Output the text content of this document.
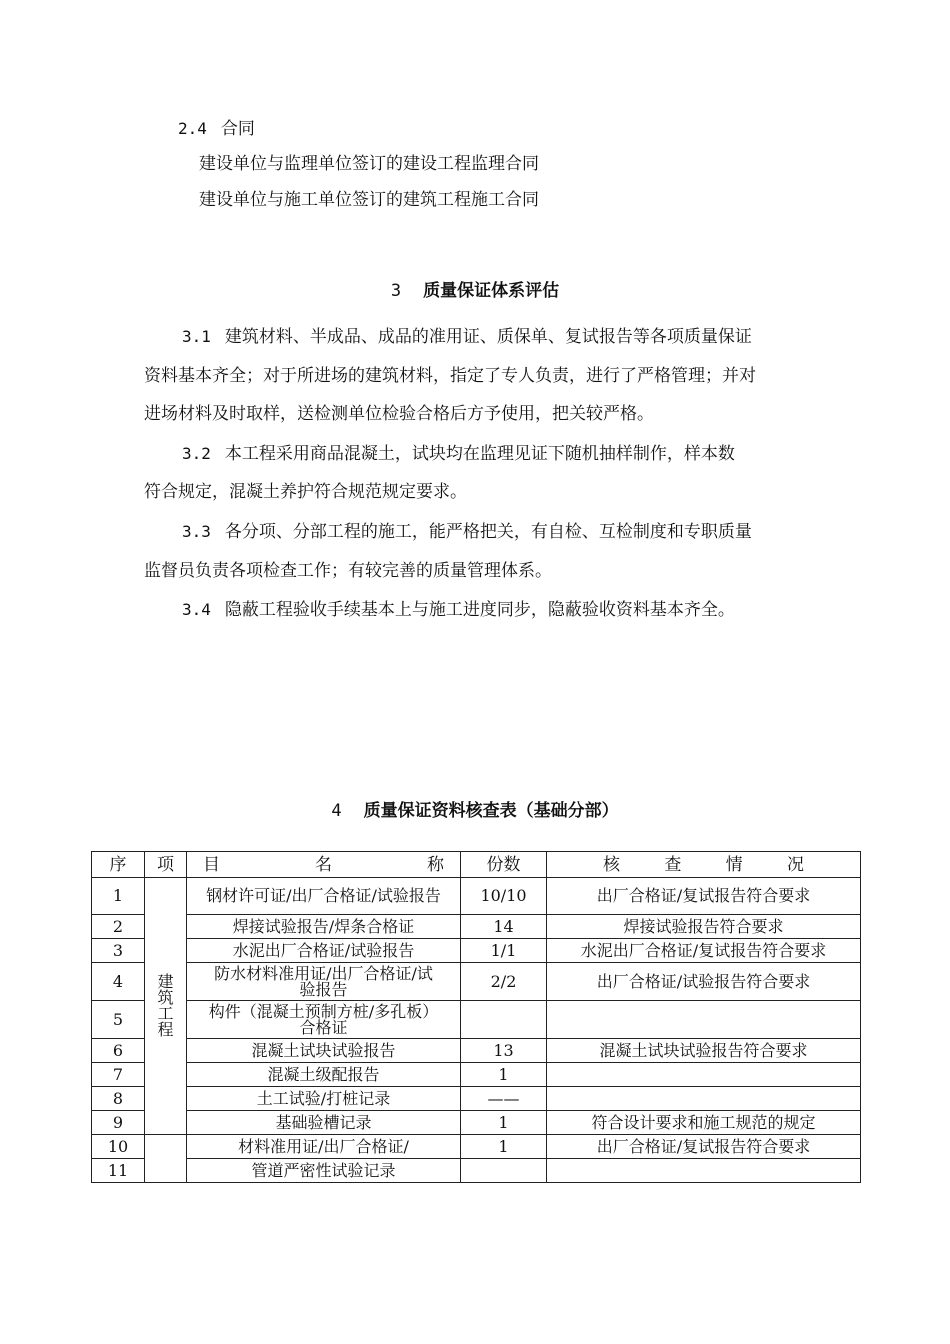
2.4 合同
建设单位与监理单位签订的建设工程监理合同
建设单位与施工单位签订的建筑工程施工合同
3 质量保证体系评估
3.1 建筑材料、半成品、成品的准用证、质保单、复试报告等各项质量保证
资料基本齐全；对于所进场的建筑材料，指定了专人负责，进行了严格管理；并对
进场材料及时取样，送检测单位检验合格后方予使用，把关较严格。
3.2 本工程采用商品混凝土，试块均在监理见证下随机抽样制作，样本数
符合规定，混凝土养护符合规范规定要求。
3.3 各分项、分部工程的施工，能严格把关，有自检、互检制度和专职质量
监督员负责各项检查工作；有较完善的质量管理体系。
3.4 隐蔽工程验收手续基本上与施工进度同步，隐蔽验收资料基本齐全。
4 质量保证资料核查表（基础分部）
序	项	目名称	份数	核查情况
1	建筑工程	钢材许可证/出厂合格证/试验报告	10/10	出厂合格证/复试报告符合要求
2		焊接试验报告/焊条合格证	14	焊接试验报告符合要求
3		水泥出厂合格证/试验报告	1/1	水泥出厂合格证/复试报告符合要求
4		防水材料准用证/出厂合格证/试验报告	2/2	出厂合格证/试验报告符合要求
5		构件（混凝土预制方桩/多孔板）合格证		
6		混凝土试块试验报告	13	混凝土试块试验报告符合要求
7		混凝土级配报告	1	
8		土工试验/打桩记录	——	
9		基础验槽记录	1	符合设计要求和施工规范的规定
10		材料准用证/出厂合格证/	1	出厂合格证/复试报告符合要求
11		管道严密性试验记录		
